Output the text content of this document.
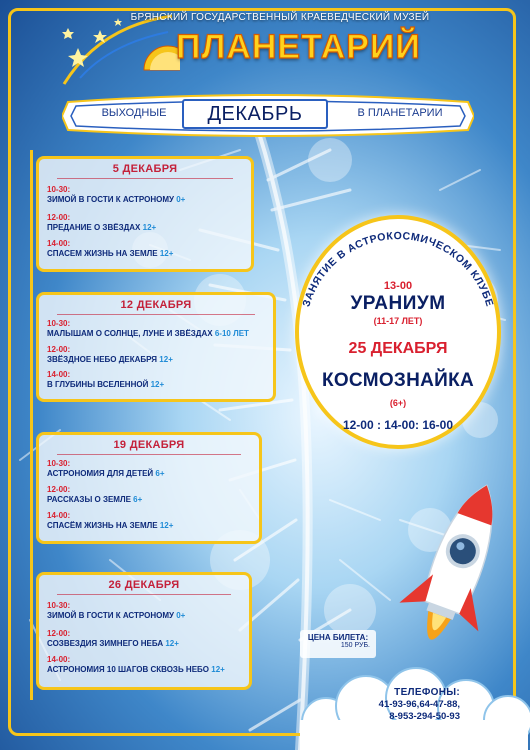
БРЯНСКИЙ ГОСУДАРСТВЕННЫЙ КРАЕВЕДЧЕСКИЙ МУЗЕЙ
ПЛАНЕТАРИЙ
ВЫХОДНЫЕ	ДЕКАБРЬ	В ПЛАНЕТАРИИ
5 ДЕКАБРЯ
10-30:
ЗИМОЙ В ГОСТИ К АСТРОНОМУ 0+
12-00:
ПРЕДАНИЕ О ЗВЁЗДАХ 12+
14-00:
СПАСЕМ ЖИЗНЬ НА ЗЕМЛЕ 12+
12 ДЕКАБРЯ
10-30:
МАЛЫШАМ О СОЛНЦЕ, ЛУНЕ И ЗВЁЗДАХ 6-10 ЛЕТ
12-00:
ЗВЁЗДНОЕ НЕБО ДЕКАБРЯ 12+
14-00:
В ГЛУБИНЫ ВСЕЛЕННОЙ 12+
19 ДЕКАБРЯ
10-30:
АСТРОНОМИЯ ДЛЯ ДЕТЕЙ 6+
12-00:
РАССКАЗЫ О ЗЕМЛЕ 6+
14-00:
СПАСЁМ ЖИЗНЬ НА ЗЕМЛЕ 12+
26 ДЕКАБРЯ
10-30:
ЗИМОЙ В ГОСТИ К АСТРОНОМУ 0+
12-00:
СОЗВЕЗДИЯ ЗИМНЕГО НЕБА 12+
14-00:
АСТРОНОМИЯ 10 ШАГОВ СКВОЗЬ НЕБО 12+
ЗАНЯТИЕ В АСТРОКОСМИЧЕСКОМ КЛУБЕ
13-00
УРАНИУМ
(11-17 ЛЕТ)
25 ДЕКАБРЯ
КОСМОЗНАЙКА
(6+)
12-00 : 14-00: 16-00
ЦЕНА БИЛЕТА:
150 РУБ.
ТЕЛЕФОНЫ:
41-93-96,64-47-88,
8-953-294-50-93
